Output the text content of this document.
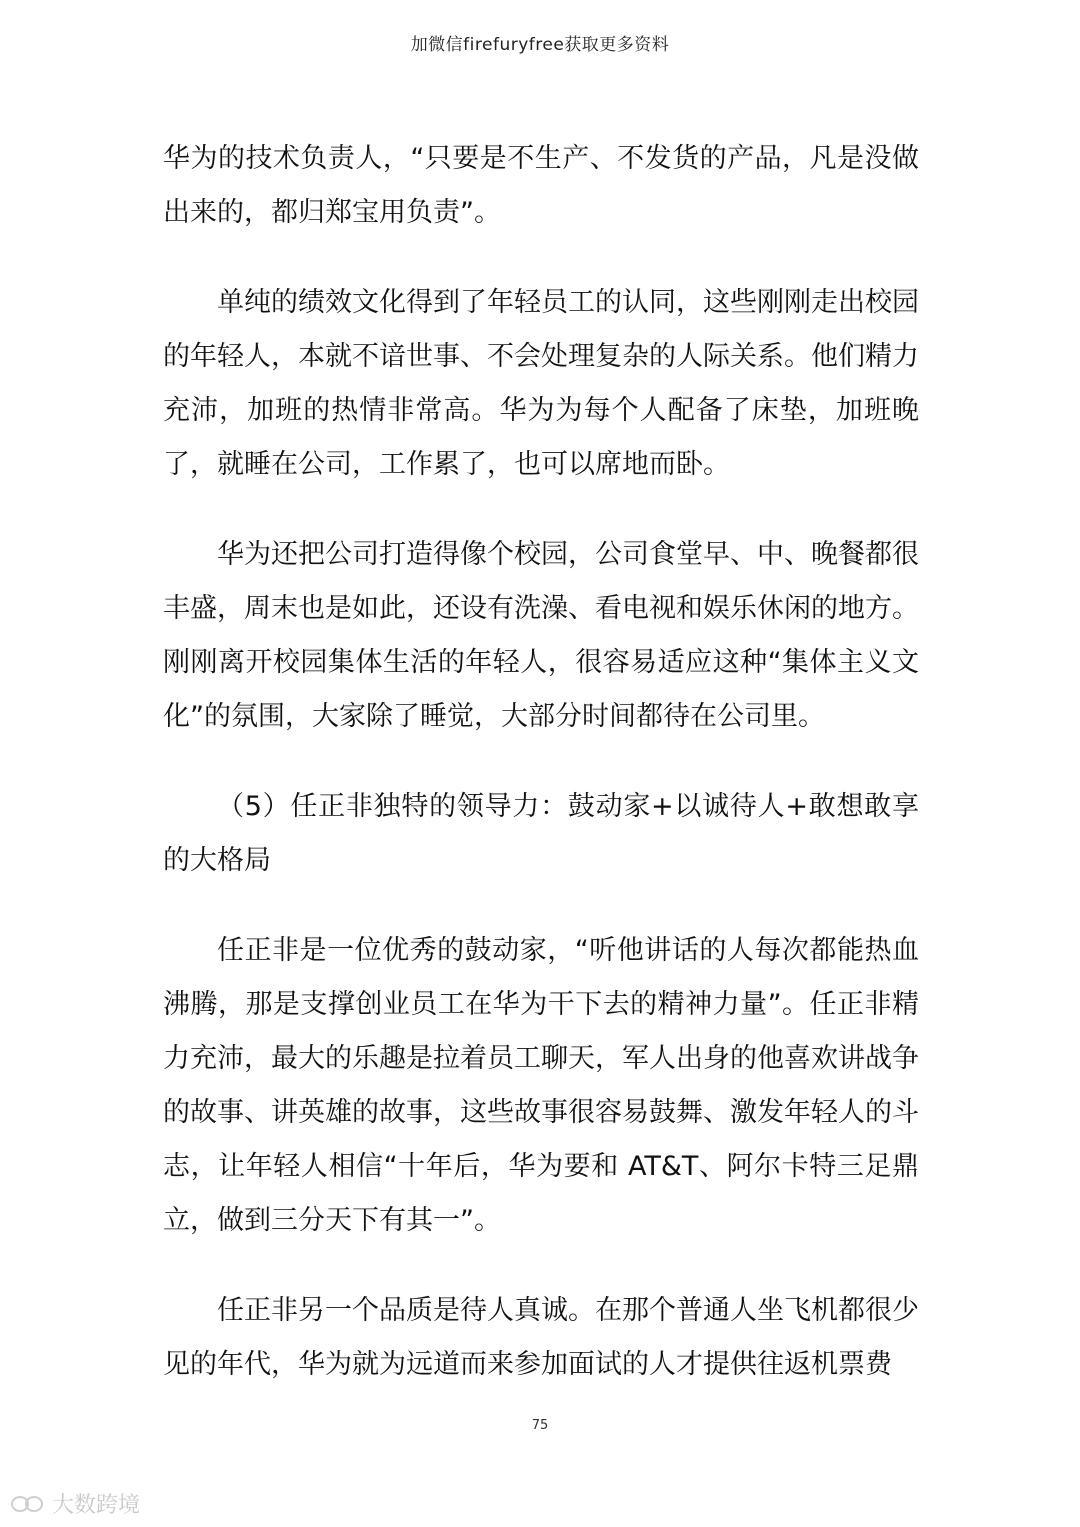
加微信firefuryfree获取更多资料

华为的技术负责人，“只要是不生产、不发货的产品，凡是没做出来的，都归郑宝用负责”。

单纯的绩效文化得到了年轻员工的认同，这些刚刚走出校园的年轻人，本就不谙世事、不会处理复杂的人际关系。他们精力充沛，加班的热情非常高。华为为每个人配备了床垫，加班晚了，就睡在公司，工作累了，也可以席地而卧。

华为还把公司打造得像个校园，公司食堂早、中、晚餐都很丰盛，周末也是如此，还设有洗澡、看电视和娱乐休闲的地方。刚刚离开校园集体生活的年轻人，很容易适应这种“集体主义文化”的氛围，大家除了睡觉，大部分时间都待在公司里。

（5）任正非独特的领导力：鼓动家+以诚待人+敢想敢享的大格局

任正非是一位优秀的鼓动家，“听他讲话的人每次都能热血沸腾，那是支撑创业员工在华为干下去的精神力量”。任正非精力充沛，最大的乐趣是拉着员工聊天，军人出身的他喜欢讲战争的故事、讲英雄的故事，这些故事很容易鼓舞、激发年轻人的斗志，让年轻人相信“十年后，华为要和 AT&T、阿尔卡特三足鼎立，做到三分天下有其一”。

任正非另一个品质是待人真诚。在那个普通人坐飞机都很少见的年代，华为就为远道而来参加面试的人才提供往返机票费

75
大数跨境
